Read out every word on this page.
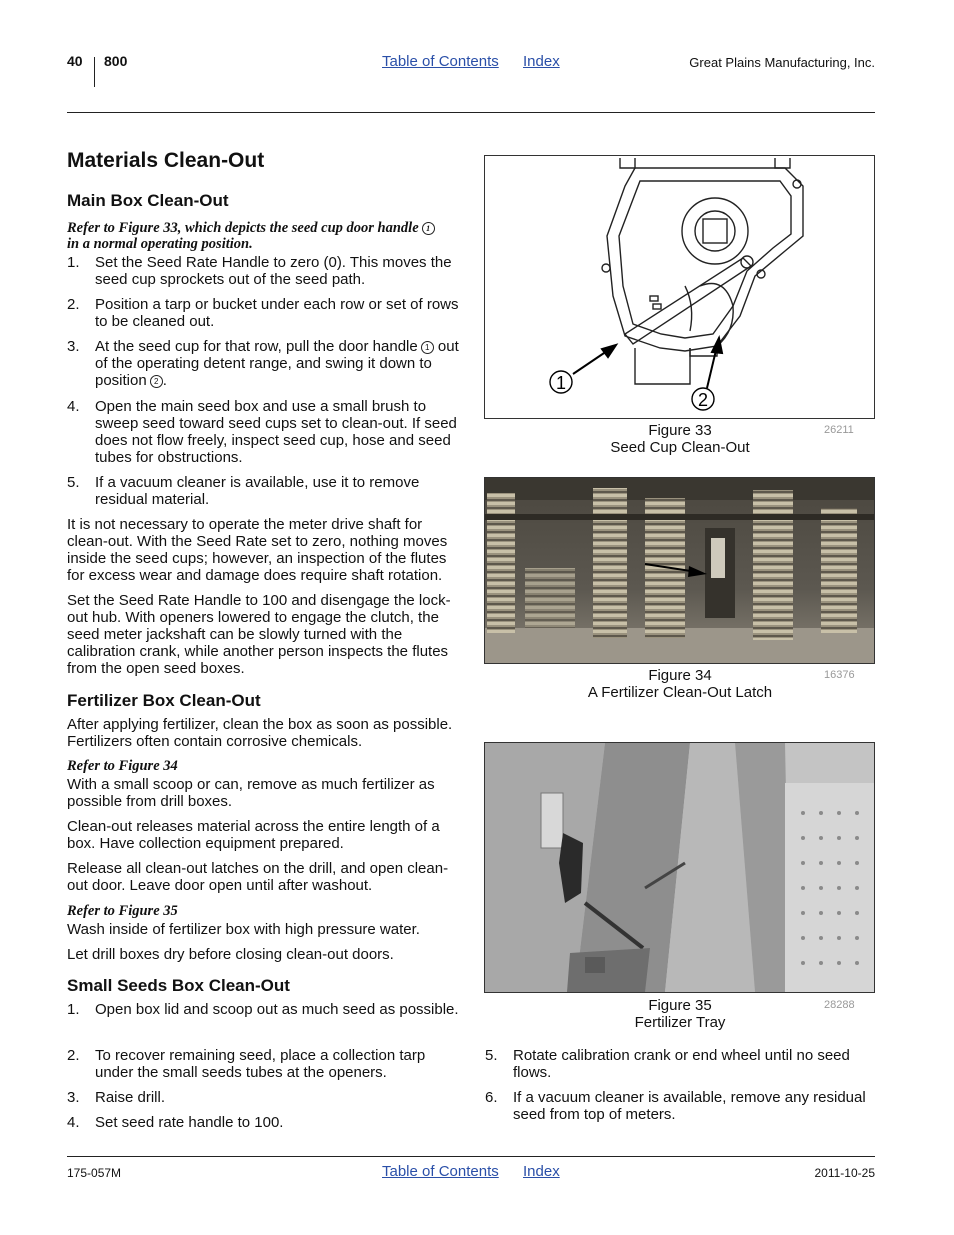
40 800	Table of Contents Index	Great Plains Manufacturing, Inc.
Materials Clean-Out
Main Box Clean-Out
Refer to Figure 33, which depicts the seed cup door handle 1
in a normal operating position.
1. Set the Seed Rate Handle to zero (0). This moves the seed cup sprockets out of the seed path.
2. Position a tarp or bucket under each row or set of rows to be cleaned out.
3. At the seed cup for that row, pull the door handle 1 out of the operating detent range, and swing it down to position 2 .
4. Open the main seed box and use a small brush to sweep seed toward seed cups set to clean-out. If seed does not flow freely, inspect seed cup, hose and seed tubes for obstructions.
5. If a vacuum cleaner is available, use it to remove residual material.

It is not necessary to operate the meter drive shaft for clean-out. With the Seed Rate set to zero, nothing moves inside the seed cups; however, an inspection of the flutes for excess wear and damage does require shaft rotation.

Set the Seed Rate Handle to 100 and disengage the lock-out hub. With openers lowered to engage the clutch, the seed meter jackshaft can be slowly turned with the calibration crank, while another person inspects the flutes from the open seed boxes.

Fertilizer Box Clean-Out

After applying fertilizer, clean the box as soon as possible. Fertilizers often contain corrosive chemicals.

Refer to Figure 34

With a small scoop or can, remove as much fertilizer as possible from drill boxes.

Clean-out releases material across the entire length of a box. Have collection equipment prepared.

Release all clean-out latches on the drill, and open clean-out door. Leave door open until after washout.

Refer to Figure 35

Wash inside of fertilizer box with high pressure water.

Let drill boxes dry before closing clean-out doors.

Small Seeds Box Clean-Out
1. Open box lid and scoop out as much seed as possible.
2. To recover remaining seed, place a collection tarp under the small seeds tubes at the openers.
3. Raise drill.
4. Set seed rate handle to 100.
1
2
Figure 33
Seed Cup Clean-Out
26211
Figure 34
A Fertilizer Clean-Out Latch
16376
Figure 35
Fertilizer Tray
28288
5. Rotate calibration crank or end wheel until no seed flows.
6. If a vacuum cleaner is available, remove any residual seed from top of meters.
175-057M	Table of Contents Index	2011-10-25
